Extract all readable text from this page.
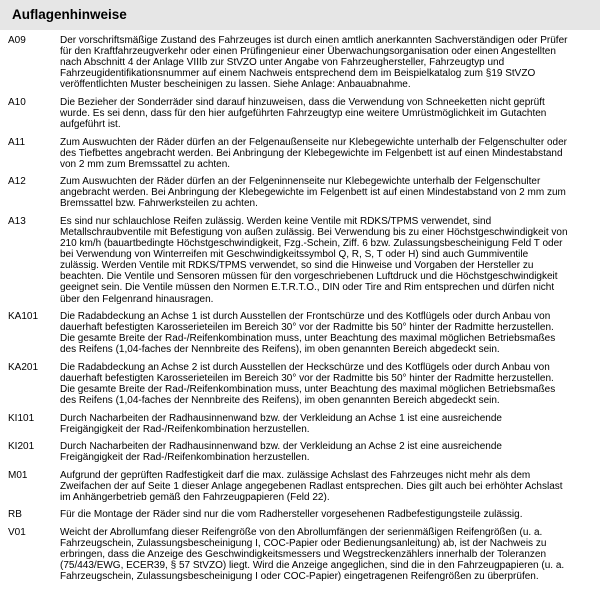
Auflagenhinweise
A09	Der vorschriftsmäßige Zustand des Fahrzeuges ist durch einen amtlich anerkannten Sachverständigen oder Prüfer
für den Kraftfahrzeugverkehr oder einen Prüfingenieur einer Überwachungsorganisation oder einen Angestellten
nach Abschnitt 4 der Anlage VIIIb zur StVZO unter Angabe von Fahrzeughersteller, Fahrzeugtyp und
Fahrzeugidentifikationsnummer auf einem Nachweis entsprechend dem im Beispielkatalog zum §19 StVZO
veröffentlichten Muster bescheinigen zu lassen. Siehe Anlage: Anbauabnahme.
A10	Die Bezieher der Sonderräder sind darauf hinzuweisen, dass die Verwendung von Schneeketten nicht geprüft
wurde. Es sei denn, dass für den hier aufgeführten Fahrzeugtyp eine weitere Umrüstmöglichkeit im Gutachten
aufgeführt ist.
A11	Zum Auswuchten der Räder dürfen an der Felgenaußenseite nur Klebegewichte unterhalb der Felgenschulter oder
des Tiefbettes angebracht werden. Bei Anbringung der Klebegewichte im Felgenbett ist auf einen Mindestabstand
von 2 mm zum Bremssattel zu achten.
A12	Zum Auswuchten der Räder dürfen an der Felgeninnenseite nur Klebegewichte unterhalb der Felgenschulter
angebracht werden. Bei Anbringung der Klebegewichte im Felgenbett ist auf einen Mindestabstand von 2 mm zum
Bremssattel bzw. Fahrwerksteilen zu achten.
A13	Es sind nur schlauchlose Reifen zulässig. Werden keine Ventile mit RDKS/TPMS verwendet, sind
Metallschraubventile mit Befestigung von außen zulässig. Bei Verwendung bis zu einer Höchstgeschwindigkeit von
210 km/h (bauartbedingte Höchstgeschwindigkeit, Fzg.-Schein, Ziff. 6 bzw. Zulassungsbescheinigung Feld T oder
bei Verwendung von Winterreifen mit Geschwindigkeitssymbol Q, R, S, T oder H) sind auch Gummiventile
zulässig. Werden Ventile mit RDKS/TPMS verwendet, so sind die Hinweise und Vorgaben der Hersteller zu
beachten. Die Ventile und Sensoren müssen für den vorgeschriebenen Luftdruck und die Höchstgeschwindigkeit
geeignet sein. Die Ventile müssen den Normen E.T.R.T.O., DIN oder Tire and Rim entsprechen und dürfen nicht
über den Felgenrand hinausragen.
KA101 Die Radabdeckung an Achse 1 ist durch Ausstellen der Frontschürze und des Kotflügels oder durch Anbau von
dauerhaft befestigten Karosserieteilen im Bereich 30° vor der Radmitte bis 50° hinter der Radmitte herzustellen.
Die gesamte Breite der Rad-/Reifenkombination muss, unter Beachtung des maximal möglichen Betriebsmaßes
des Reifens (1,04-faches der Nennbreite des Reifens), im oben genannten Bereich abgedeckt sein.
KA201 Die Radabdeckung an Achse 2 ist durch Ausstellen der Heckschürze und des Kotflügels oder durch Anbau von
dauerhaft befestigten Karosserieteilen im Bereich 30° vor der Radmitte bis 50° hinter der Radmitte herzustellen.
Die gesamte Breite der Rad-/Reifenkombination muss, unter Beachtung des maximal möglichen Betriebsmaßes
des Reifens (1,04-faches der Nennbreite des Reifens), im oben genannten Bereich abgedeckt sein.
KI101	Durch Nacharbeiten der Radhausinnenwand bzw. der Verkleidung an Achse 1 ist eine ausreichende
Freigängigkeit der Rad-/Reifenkombination herzustellen.
KI201	Durch Nacharbeiten der Radhausinnenwand bzw. der Verkleidung an Achse 2 ist eine ausreichende
Freigängigkeit der Rad-/Reifenkombination herzustellen.
M01	Aufgrund der geprüften Radfestigkeit darf die max. zulässige Achslast des Fahrzeuges nicht mehr als dem
Zweifachen der auf Seite 1 dieser Anlage angegebenen Radlast entsprechen. Dies gilt auch bei erhöhter Achslast
im Anhängerbetrieb gemäß den Fahrzeugpapieren (Feld 22).
RB	Für die Montage der Räder sind nur die vom Radhersteller vorgesehenen Radbefestigungsteile zulässig.
V01	Weicht der Abrollumfang dieser Reifengröße von den Abrollumfängen der serienmäßigen Reifengrößen (u. a.
Fahrzeugschein, Zulassungsbescheinigung I, COC-Papier oder Bedienungsanleitung) ab, ist der Nachweis zu
erbringen, dass die Anzeige des Geschwindigkeitsmessers und Wegstreckenzählers innerhalb der Toleranzen
(75/443/EWG, ECER39, § 57 StVZO) liegt. Wird die Anzeige angeglichen, sind die in den Fahrzeugpapieren (u. a.
Fahrzeugschein, Zulassungsbescheinigung I oder COC-Papier) eingetragenen Reifengrößen zu überprüfen.
